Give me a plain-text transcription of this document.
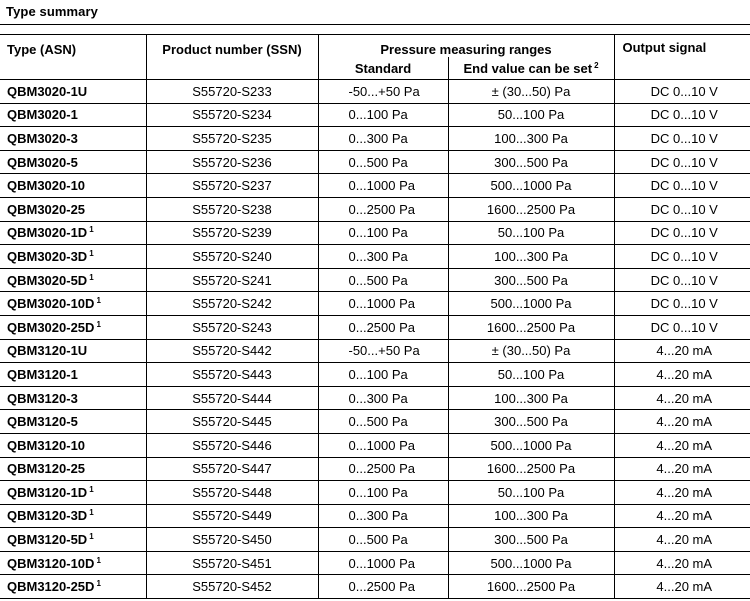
Type summary
Type (ASN)	Product number (SSN)	Pressure measuring ranges		Output signal
		Standard	End value can be set $^2$
QBM3020-1U	S55720-S233	-50...+50 Pa	± (30...50) Pa	DC 0...10 V
QBM3020-1	S55720-S234	0...100 Pa	50...100 Pa	DC 0...10 V
QBM3020-3	S55720-S235	0...300 Pa	100...300 Pa	DC 0...10 V
QBM3020-5	S55720-S236	0...500 Pa	300...500 Pa	DC 0...10 V
QBM3020-10	S55720-S237	0...1000 Pa	500...1000 Pa	DC 0...10 V
QBM3020-25	S55720-S238	0...2500 Pa	1600...2500 Pa	DC 0...10 V
QBM3020-1D $^1$	S55720-S239	0...100 Pa	50...100 Pa	DC 0...10 V
QBM3020-3D $^1$	S55720-S240	0...300 Pa	100...300 Pa	DC 0...10 V
QBM3020-5D $^1$	S55720-S241	0...500 Pa	300...500 Pa	DC 0...10 V
QBM3020-10D $^1$	S55720-S242	0...1000 Pa	500...1000 Pa	DC 0...10 V
QBM3020-25D $^1$	S55720-S243	0...2500 Pa	1600...2500 Pa	DC 0...10 V
QBM3120-1U	S55720-S442	-50...+50 Pa	± (30...50) Pa	4...20 mA
QBM3120-1	S55720-S443	0...100 Pa	50...100 Pa	4...20 mA
QBM3120-3	S55720-S444	0...300 Pa	100...300 Pa	4...20 mA
QBM3120-5	S55720-S445	0...500 Pa	300...500 Pa	4...20 mA
QBM3120-10	S55720-S446	0...1000 Pa	500...1000 Pa	4...20 mA
QBM3120-25	S55720-S447	0...2500 Pa	1600...2500 Pa	4...20 mA
QBM3120-1D $^1$	S55720-S448	0...100 Pa	50...100 Pa	4...20 mA
QBM3120-3D $^1$	S55720-S449	0...300 Pa	100...300 Pa	4...20 mA
QBM3120-5D $^1$	S55720-S450	0...500 Pa	300...500 Pa	4...20 mA
QBM3120-10D $^1$	S55720-S451	0...1000 Pa	500...1000 Pa	4...20 mA
QBM3120-25D $^1$	S55720-S452	0...2500 Pa	1600...2500 Pa	4...20 mA
